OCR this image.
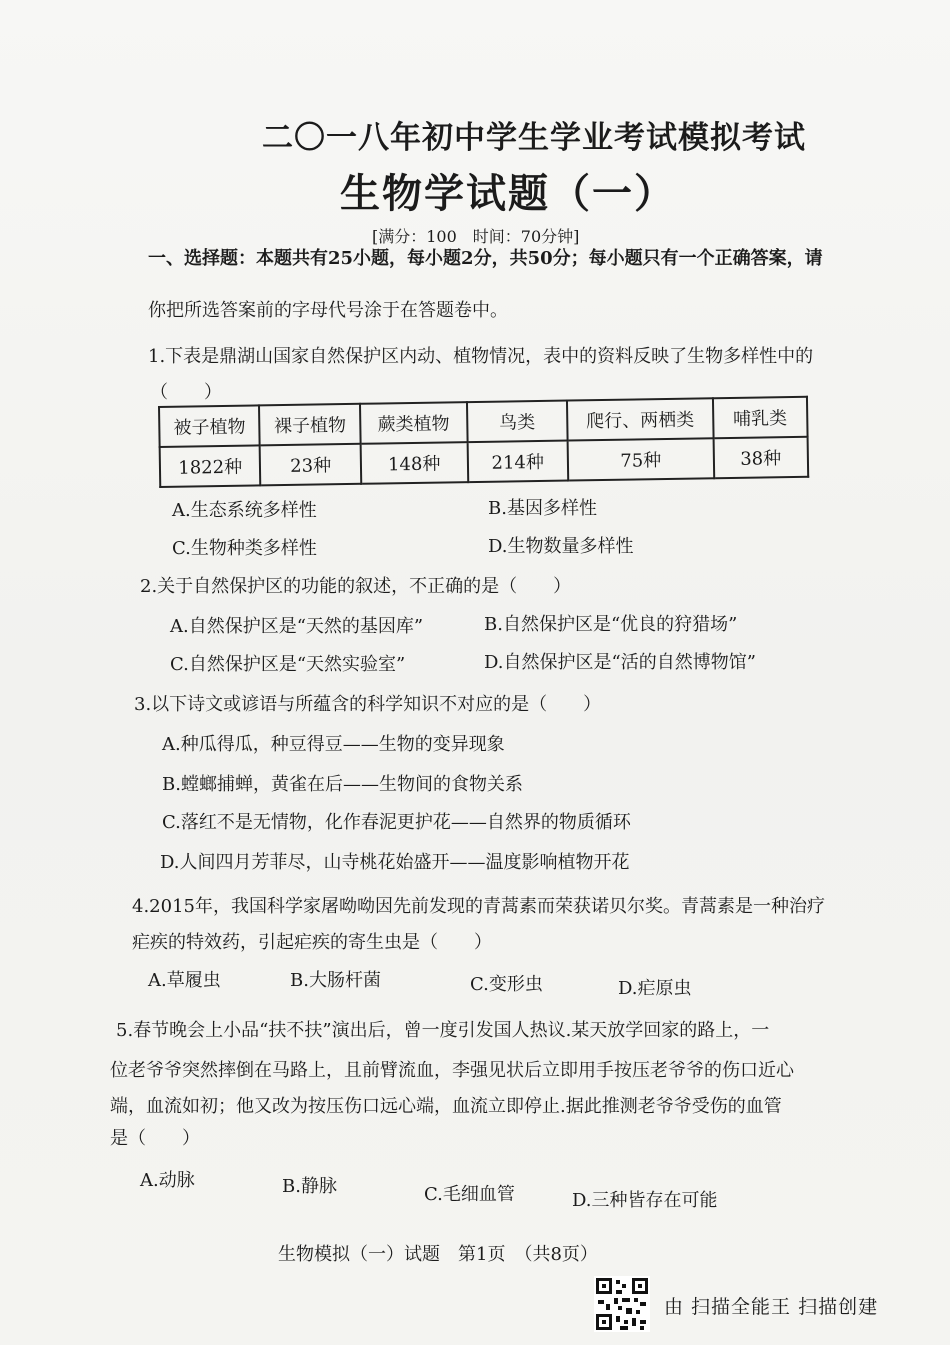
二〇一八年初中学生学业考试模拟考试
生物学试题（一）
[满分：100　时间：70分钟]
一、选择题：本题共有25小题，每小题2分，共50分；每小题只有一个正确答案，请
你把所选答案前的字母代号涂于在答题卷中。
1.下表是鼎湖山国家自然保护区内动、植物情况，表中的资料反映了生物多样性中的
（　　）
被子植物	裸子植物	蕨类植物	鸟类	爬行、两栖类	哺乳类
1822种	23种	148种	214种	75种	38种
A.生态系统多样性	B.基因多样性
C.生物种类多样性	D.生物数量多样性
2.关于自然保护区的功能的叙述，不正确的是（　　）
A.自然保护区是“天然的基因库”	B.自然保护区是“优良的狩猎场”
C.自然保护区是“天然实验室”	D.自然保护区是“活的自然博物馆”
3.以下诗文或谚语与所蕴含的科学知识不对应的是（　　）
A.种瓜得瓜，种豆得豆——生物的变异现象
B.螳螂捕蝉，黄雀在后——生物间的食物关系
C.落红不是无情物，化作春泥更护花——自然界的物质循环
D.人间四月芳菲尽，山寺桃花始盛开——温度影响植物开花
4.2015年，我国科学家屠呦呦因先前发现的青蒿素而荣获诺贝尔奖。青蒿素是一种治疗
疟疾的特效药，引起疟疾的寄生虫是（　　）
A.草履虫	B.大肠杆菌	C.变形虫	D.疟原虫
5.春节晚会上小品“扶不扶”演出后，曾一度引发国人热议.某天放学回家的路上，一
位老爷爷突然摔倒在马路上，且前臂流血，李强见状后立即用手按压老爷爷的伤口近心
端，血流如初；他又改为按压伤口远心端，血流立即停止.据此推测老爷爷受伤的血管
是（　　）
A.动脉	B.静脉	C.毛细血管	D.三种皆存在可能
生物模拟（一）试题　第1页　（共8页）
由 扫描全能王 扫描创建
